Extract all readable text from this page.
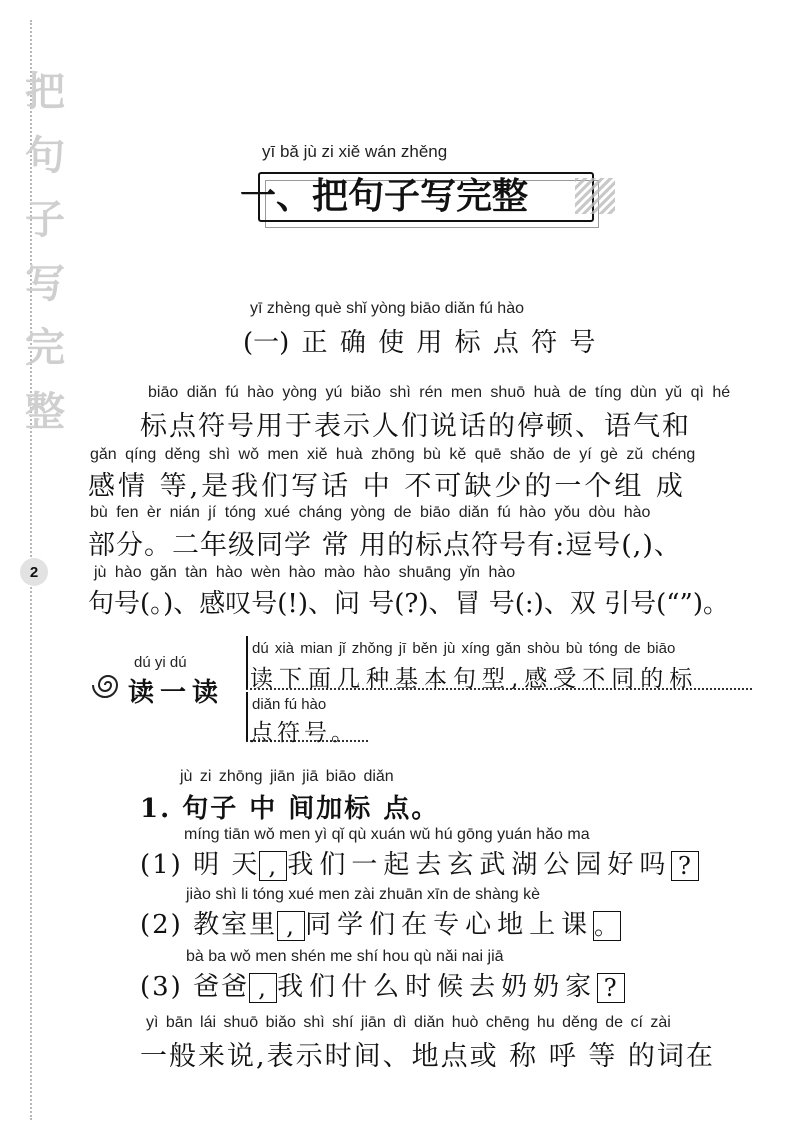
把
句
子
写
完
整
2
yī bǎ jù zi xiě wán zhěng
一、把句子写完整
yī zhèng què shǐ yòng biāo diǎn fú hào
(一) 正 确 使 用 标 点 符 号
biāo diǎn fú hào yòng yú biǎo shì rén men shuō huà de tíng dùn yǔ qì hé
标点符号用于表示人们说话的停顿、语气和
gǎn qíng děng shì wǒ men xiě huà zhōng bù kě quē shǎo de yí gè zǔ chéng
感情 等,是我们写话 中 不可缺少的一个组 成
bù fen èr nián jí tóng xué cháng yòng de biāo diǎn fú hào yǒu dòu hào
部分。二年级同学 常 用的标点符号有:逗号(,)、
jù hào gǎn tàn hào wèn hào mào hào shuāng yǐn hào
句号(。)、感叹号(!)、问 号(?)、冒 号(:)、双 引号(“”)。
dú yi dú
读一读
dú xià mian jǐ zhǒng jī běn jù xíng gǎn shòu bù tóng de biāo
读下面几种基本句型,感受不同的标
diǎn fú hào
点符号。
jù zi zhōng jiān jiā biāo diǎn
1. 句子 中 间加标 点。
míng tiān wǒ men yì qǐ qù xuán wǔ hú gōng yuán hǎo ma
(1) 明 天 , 我们一起去玄武湖公园好吗 ?
jiào shì li tóng xué men zài zhuān xīn de shàng kè
(2) 教室里 , 同学们在专心地上课。
bà ba wǒ men shén me shí hou qù nǎi nai jiā
(3) 爸爸 , 我们什么时候去奶奶家 ?
yì bān lái shuō biǎo shì shí jiān dì diǎn huò chēng hu děng de cí zài
一般来说,表示时间、地点或 称 呼 等 的词在
